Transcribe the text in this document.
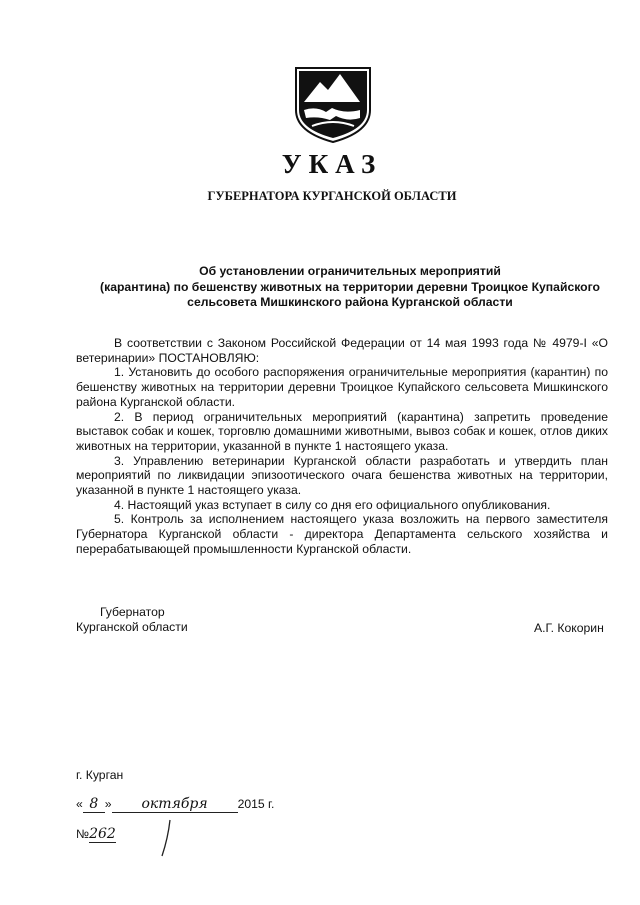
УКАЗ
ГУБЕРНАТОРА КУРГАНСКОЙ ОБЛАСТИ
Об установлении ограничительных мероприятий
(карантина) по бешенству животных на территории деревни Троицкое Купайского
сельсовета Мишкинского района Курганской области

В соответствии с Законом Российской Федерации от 14 мая 1993 года № 4979-I «О ветеринарии» ПОСТАНОВЛЯЮ:

1. Установить до особого распоряжения ограничительные мероприятия (карантин) по бешенству животных на территории деревни Троицкое Купайского сельсовета Мишкинского района Курганской области.

2. В период ограничительных мероприятий (карантина) запретить проведение выставок собак и кошек, торговлю домашними животными, вывоз собак и кошек, отлов диких животных на территории, указанной в пункте 1 настоящего указа.

3. Управлению ветеринарии Курганской области разработать и утвердить план мероприятий по ликвидации эпизоотического очага бешенства животных на территории, указанной в пункте 1 настоящего указа.

4. Настоящий указ вступает в силу со дня его официального опубликования.

5. Контроль за исполнением настоящего указа возложить на первого заместителя Губернатора Курганской области - директора Департамента сельского хозяйства и перерабатывающей промышленности Курганской области.

Губернатор
Курганской области	А.Г. Кокорин
г. Курган
« 8 » октября 2015 г.
№262
